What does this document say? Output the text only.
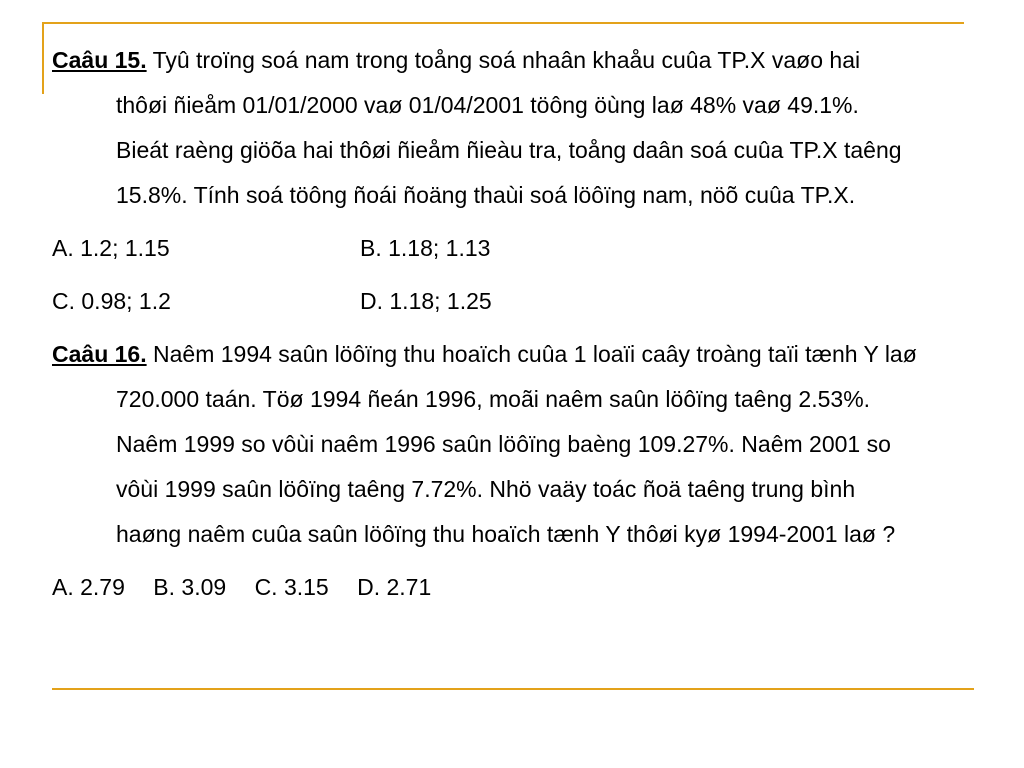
Caâu 15. Tyû troïng soá nam trong toång soá nhaân khaåu cuûa TP.X vaøo hai

thôøi ñieåm 01/01/2000 vaø 01/04/2001 töông öùng laø 48% vaø 49.1%.

Bieát raèng giöõa hai thôøi ñieåm ñieàu tra, toång daân soá cuûa TP.X taêng

15.8%. Tính soá töông ñoái ñoäng thaùi soá löôïng nam, nöõ cuûa TP.X.

A. 1.2; 1.15	B. 1.18; 1.13
C. 0.98; 1.2	D. 1.18; 1.25

Caâu 16. Naêm 1994 saûn löôïng thu hoaïch cuûa 1 loaïi caây troàng taïi tænh Y laø

720.000 taán. Töø 1994 ñeán 1996, moãi naêm saûn löôïng taêng 2.53%.

Naêm 1999 so vôùi naêm 1996 saûn löôïng baèng 109.27%. Naêm 2001 so

vôùi 1999 saûn löôïng taêng 7.72%. Nhö vaäy toác ñoä taêng trung bình

haøng naêm cuûa saûn löôïng thu hoaïch tænh Y thôøi kyø 1994-2001 laø ?

A. 2.79 B. 3.09 C. 3.15 D. 2.71
